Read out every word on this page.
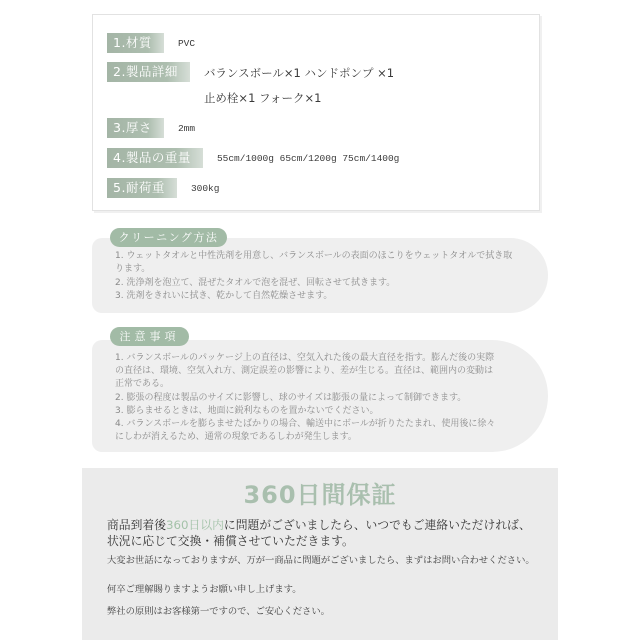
1.材質	PVC
2.製品詳細	バランスボール×1 ハンドポンプ ×1
止め栓×1 フォーク×1
3.厚さ	2mm
4.製品の重量	55cm/1000g 65cm/1200g 75cm/1400g
5.耐荷重	300kg
クリーニング方法
1. ウェットタオルと中性洗剤を用意し、バランスボールの表面のほこりをウェットタオルで拭き取
ります。
2. 洗浄剤を泡立て、混ぜたタオルで泡を混ぜ、回転させて拭きます。
3. 洗剤をきれいに拭き、乾かして自然乾燥させます。
注意事項
1. バランスボールのパッケージ上の直径は、空気入れた後の最大直径を指す。膨んだ後の実際
の直径は、環境、空気入れ方、測定誤差の影響により、差が生じる。直径は、範囲内の変動は
正常である。
2. 膨張の程度は製品のサイズに影響し、球のサイズは膨張の量によって制御できます。
3. 膨らませるときは、地面に鋭利なものを置かないでください。
4. バランスボールを膨らませたばかりの場合、輸送中にボールが折りたたまれ、使用後に徐々
にしわが消えるため、通常の現象であるしわが発生します。
360日間保証
商品到着後360日以内に問題がございましたら、いつでもご連絡いただければ、
状況に応じて交換・補償させていただきます。
大変お世話になっておりますが、万が一商品に問題がございましたら、まずはお問い合わせください。
何卒ご理解賜りますようお願い申し上げます。
弊社の原則はお客様第一ですので、ご安心ください。
